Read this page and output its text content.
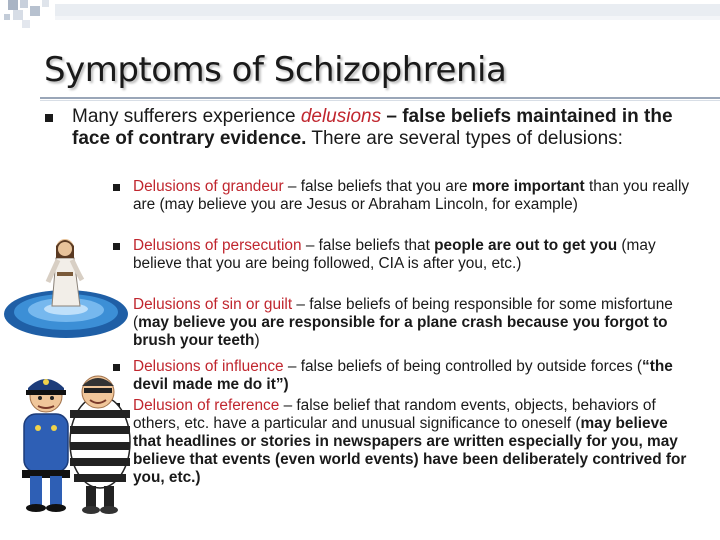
Symptoms of Schizophrenia
Many sufferers experience delusions – false beliefs maintained in the face of contrary evidence. There are several types of delusions:
Delusions of grandeur – false beliefs that you are more important than you really are (may believe you are Jesus or Abraham Lincoln, for example)
Delusions of persecution – false beliefs that people are out to get you (may believe that you are being followed, CIA is after you, etc.)
Delusions of sin or guilt – false beliefs of being responsible for some misfortune (may believe you are responsible for a plane crash because you forgot to brush your teeth)
Delusions of influence – false beliefs of being controlled by outside forces (“the devil made me do it”)
Delusion of reference – false belief that random events, objects, behaviors of others, etc. have a particular and unusual significance to oneself (may believe that headlines or stories in newspapers are written especially for you, may believe that events (even world events) have been deliberately contrived for you, etc.)
